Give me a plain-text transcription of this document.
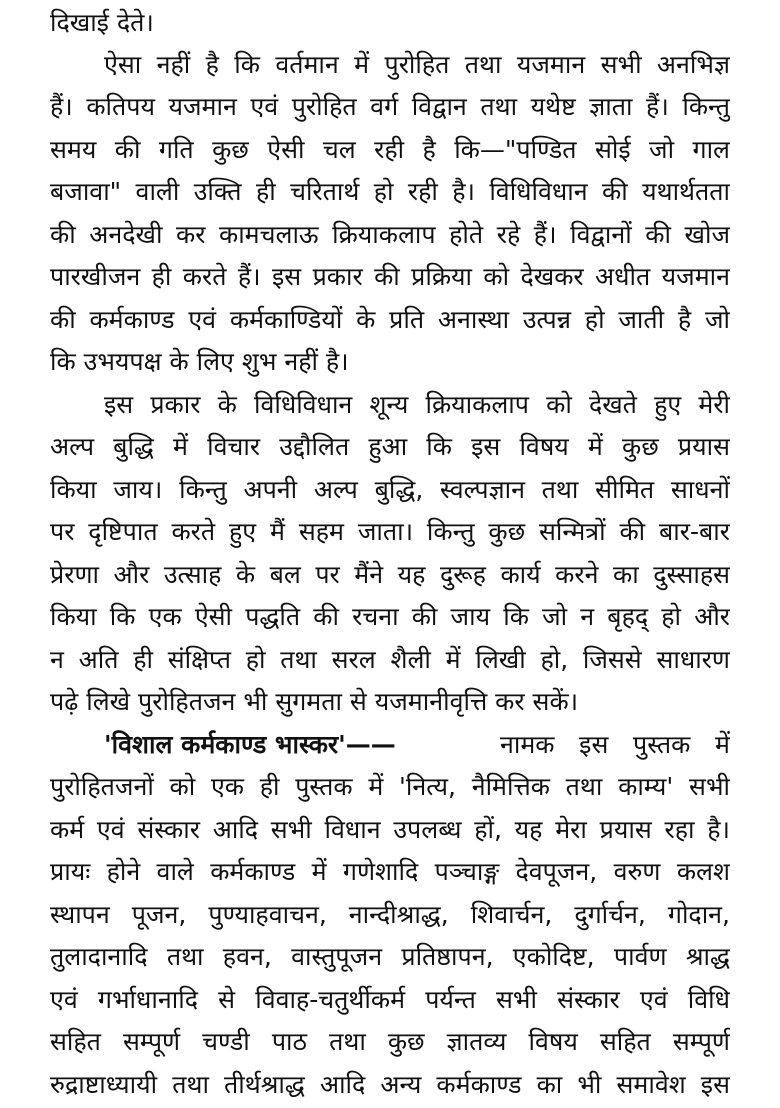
दिखाई देते।
ऐसा नहीं है कि वर्तमान में पुरोहित तथा यजमान सभी अनभिज्ञ
हैं। कतिपय यजमान एवं पुरोहित वर्ग विद्वान तथा यथेष्ट ज्ञाता हैं। किन्तु
समय की गति कुछ ऐसी चल रही है कि—"पण्डित सोई जो गाल
बजावा" वाली उक्ति ही चरितार्थ हो रही है। विधिविधान की यथार्थतता
की अनदेखी कर कामचलाऊ क्रियाकलाप होते रहे हैं। विद्वानों की खोज
पारखीजन ही करते हैं। इस प्रकार की प्रक्रिया को देखकर अधीत यजमान
की कर्मकाण्ड एवं कर्मकाण्डियों के प्रति अनास्था उत्पन्न हो जाती है जो
कि उभयपक्ष के लिए शुभ नहीं है।
इस प्रकार के विधिविधान शून्य क्रियाकलाप को देखते हुए मेरी
अल्प बुद्धि में विचार उद्दौलित हुआ कि इस विषय में कुछ प्रयास
किया जाय। किन्तु अपनी अल्प बुद्धि, स्वल्पज्ञान तथा सीमित साधनों
पर दृष्टिपात करते हुए मैं सहम जाता। किन्तु कुछ सन्मित्रों की बार-बार
प्रेरणा और उत्साह के बल पर मैंने यह दुरूह कार्य करने का दुस्साहस
किया कि एक ऐसी पद्धति की रचना की जाय कि जो न बृहद् हो और
न अति ही संक्षिप्त हो तथा सरल शैली में लिखी हो, जिससे साधारण
पढ़े लिखे पुरोहितजन भी सुगमता से यजमानीवृत्ति कर सकें।
'विशाल कर्मकाण्ड भास्कर'——	नामक इस पुस्तक में
पुरोहितजनों को एक ही पुस्तक में 'नित्य, नैमित्तिक तथा काम्य' सभी
कर्म एवं संस्कार आदि सभी विधान उपलब्ध हों, यह मेरा प्रयास रहा है।
प्रायः होने वाले कर्मकाण्ड में गणेशादि पञ्चाङ्ग देवपूजन, वरुण कलश
स्थापन पूजन, पुण्याहवाचन, नान्दीश्राद्ध, शिवार्चन, दुर्गार्चन, गोदान,
तुलादानादि तथा हवन, वास्तुपूजन प्रतिष्ठापन, एकोदिष्ट, पार्वण श्राद्ध
एवं गर्भाधानादि से विवाह-चतुर्थीकर्म पर्यन्त सभी संस्कार एवं विधि
सहित सम्पूर्ण चण्डी पाठ तथा कुछ ज्ञातव्य विषय सहित सम्पूर्ण
रुद्राष्टाध्यायी तथा तीर्थश्राद्ध आदि अन्य कर्मकाण्ड का भी समावेश इस
